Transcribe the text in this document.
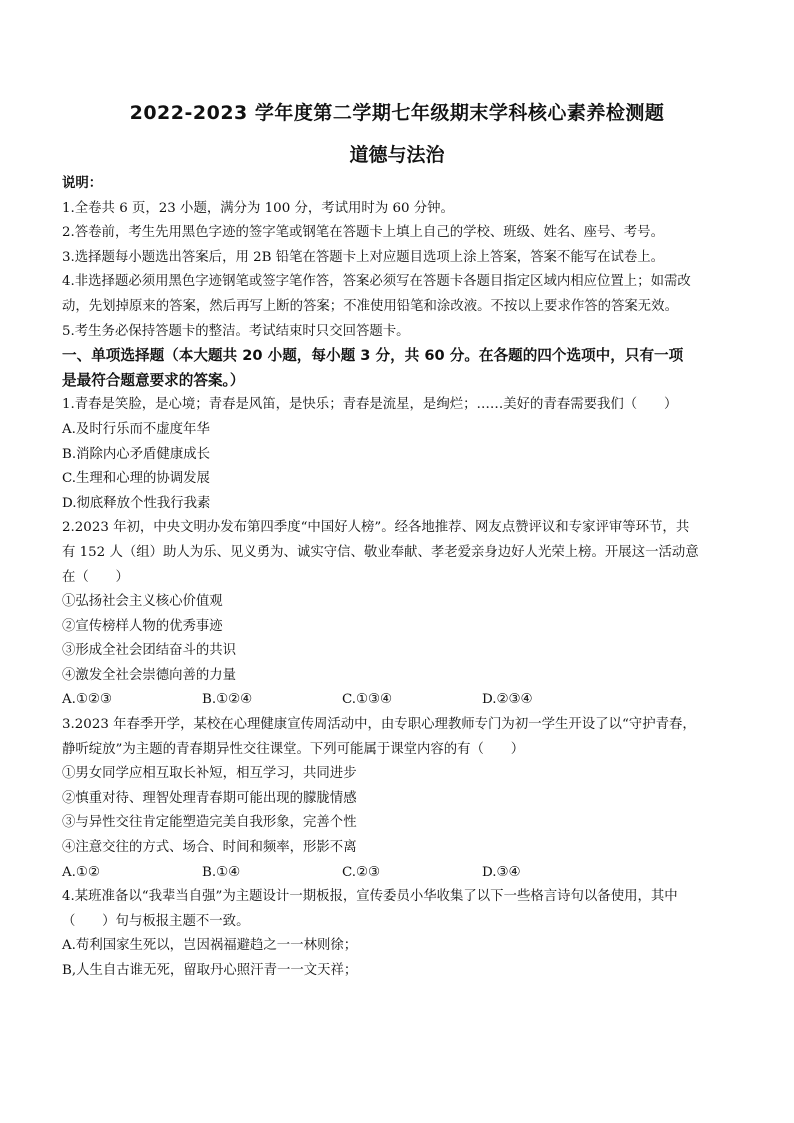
2022-2023 学年度第二学期七年级期末学科核心素养检测题
道德与法治

说明：

1.全卷共 6 页，23 小题，满分为 100 分，考试用时为 60 分钟。

2.答卷前，考生先用黑色字迹的签字笔或钢笔在答题卡上填上自己的学校、班级、姓名、座号、考号。

3.选择题每小题选出答案后，用 2B 铅笔在答题卡上对应题目选项上涂上答案，答案不能写在试卷上。

4.非选择题必须用黑色字迹钢笔或签字笔作答，答案必须写在答题卡各题目指定区域内相应位置上；如需改

动，先划掉原来的答案，然后再写上断的答案；不准使用铅笔和涂改液。不按以上要求作答的答案无效。

5.考生务必保持答题卡的整洁。考试结束时只交回答题卡。

一、单项选择题（本大题共 20 小题，每小题 3 分，共 60 分。在各题的四个选项中，只有一项

是最符合题意要求的答案。）

1.青春是笑脸，是心境；青春是风笛，是快乐；青春是流星，是绚烂；……美好的青春需要我们（　　）

A.及时行乐而不虚度年华

B.消除内心矛盾健康成长

C.生理和心理的协调发展

D.彻底释放个性我行我素

2.2023 年初，中央文明办发布第四季度“中国好人榜”。经各地推荐、网友点赞评议和专家评审等环节，共

有 152 人（组）助人为乐、见义勇为、诚实守信、敬业奉献、孝老爱亲身边好人光荣上榜。开展这一活动意

在（　　）

①弘扬社会主义核心价值观

②宣传榜样人物的优秀事迹

③形成全社会团结奋斗的共识

④激发全社会崇德向善的力量

A.①②③	B.①②④	C.①③④	D.②③④

3.2023 年春季开学，某校在心理健康宣传周活动中，由专职心理教师专门为初一学生开设了以“守护青春，

静听绽放”为主题的青春期异性交往课堂。下列可能属于课堂内容的有（　　）

①男女同学应相互取长补短，相互学习，共同进步

②慎重对待、理智处理青春期可能出现的朦胧情感

③与异性交往肯定能塑造完美自我形象，完善个性

④注意交往的方式、场合、时间和频率，形影不离

A.①②	B.①④	C.②③	D.③④

4.某班准备以“我辈当自强”为主题设计一期板报，宣传委员小华收集了以下一些格言诗句以备使用，其中

（　　）句与板报主题不一致。

A.苟利国家生死以，岂因祸福避趋之一一林则徐；

B,人生自古谁无死，留取丹心照汗青一一文天祥；
